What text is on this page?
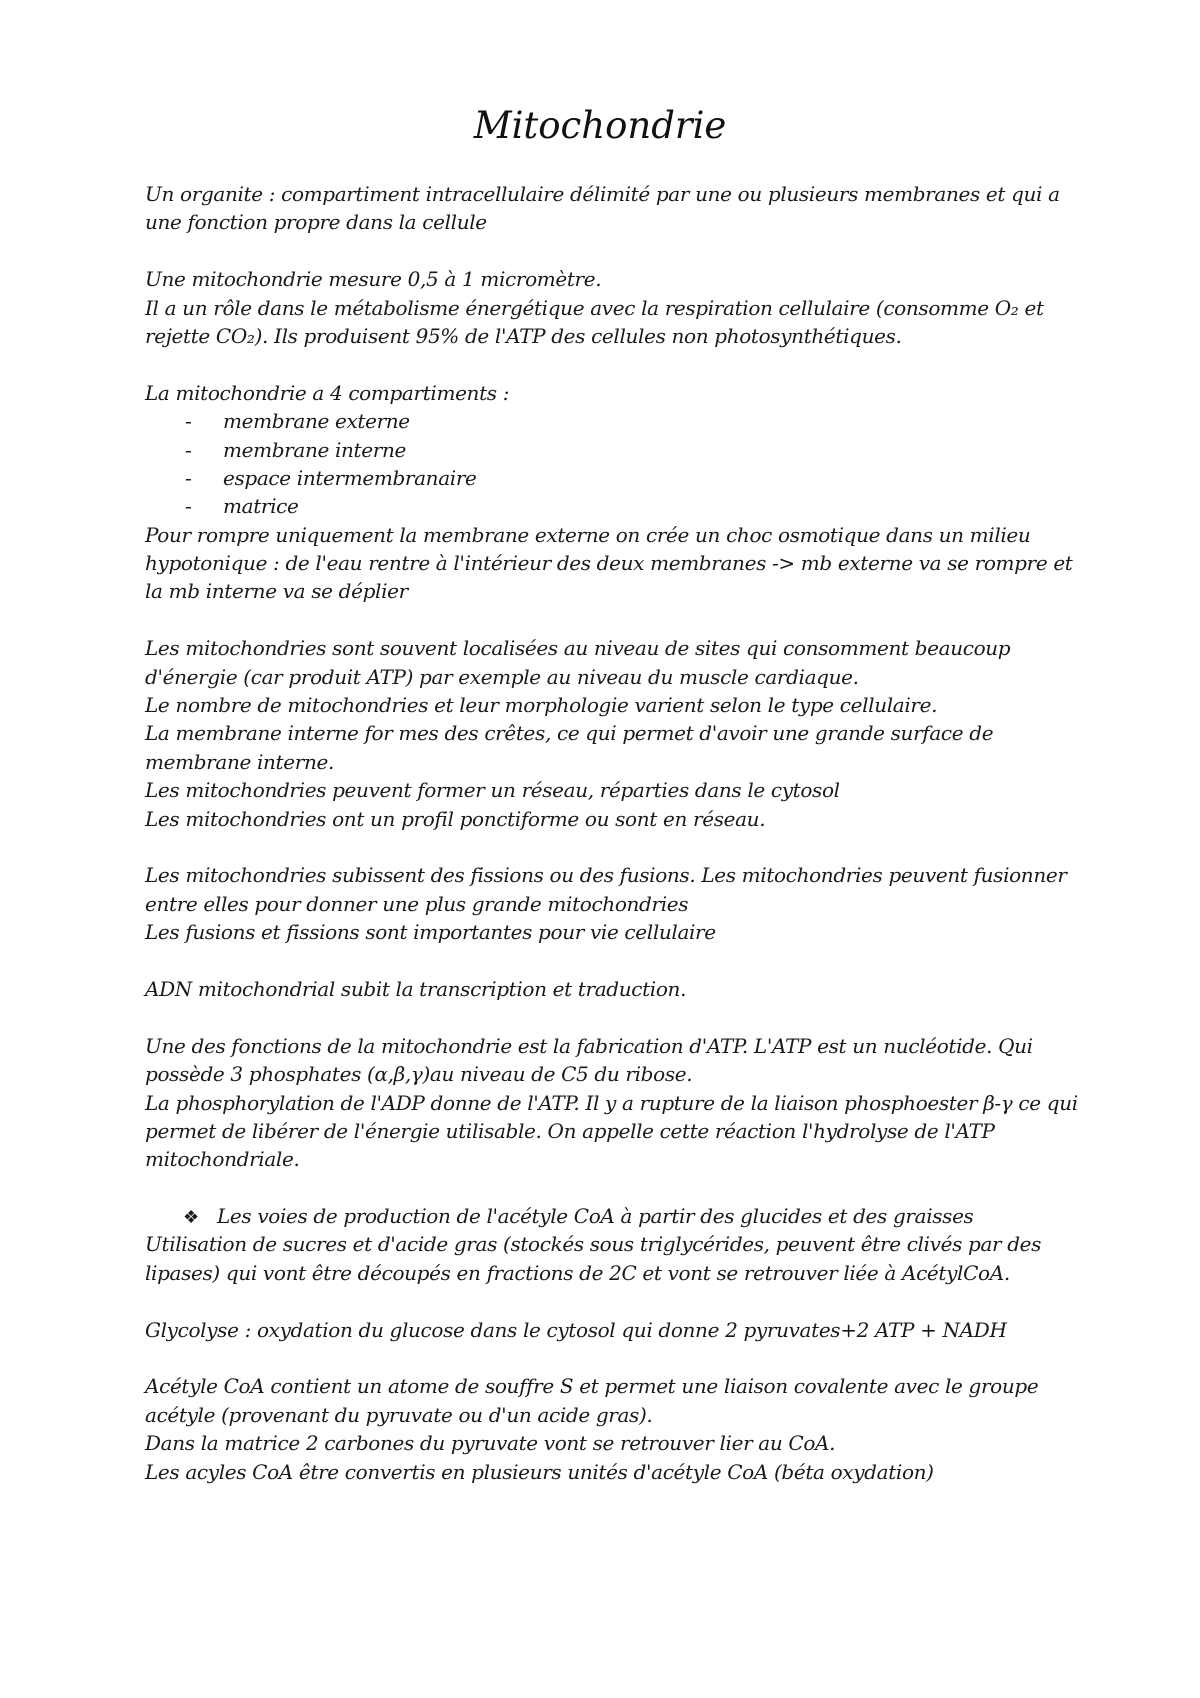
Mitochondrie
Un organite : compartiment intracellulaire délimité par une ou plusieurs membranes et qui a
une fonction propre dans la cellule
Une mitochondrie mesure 0,5 à 1 micromètre.
Il a un rôle dans le métabolisme énergétique avec la respiration cellulaire (consomme O₂ et
rejette CO₂). Ils produisent 95% de l'ATP des cellules non photosynthétiques.
La mitochondrie a 4 compartiments :
- membrane externe
- membrane interne
- espace intermembranaire
- matrice
Pour rompre uniquement la membrane externe on crée un choc osmotique dans un milieu
hypotonique : de l'eau rentre à l'intérieur des deux membranes -> mb externe va se rompre et
la mb interne va se déplier
Les mitochondries sont souvent localisées au niveau de sites qui consomment beaucoup
d'énergie (car produit ATP) par exemple au niveau du muscle cardiaque.
Le nombre de mitochondries et leur morphologie varient selon le type cellulaire.
La membrane interne for mes des crêtes, ce qui permet d'avoir une grande surface de
membrane interne.
Les mitochondries peuvent former un réseau, réparties dans le cytosol
Les mitochondries ont un profil ponctiforme ou sont en réseau.
Les mitochondries subissent des fissions ou des fusions. Les mitochondries peuvent fusionner
entre elles pour donner une plus grande mitochondries
Les fusions et fissions sont importantes pour vie cellulaire
ADN mitochondrial subit la transcription et traduction.
Une des fonctions de la mitochondrie est la fabrication d'ATP. L'ATP est un nucléotide. Qui
possède 3 phosphates (α,β,γ)au niveau de C5 du ribose.
La phosphorylation de l'ADP donne de l'ATP. Il y a rupture de la liaison phosphoester β-γ ce qui
permet de libérer de l'énergie utilisable. On appelle cette réaction l'hydrolyse de l'ATP
mitochondriale.
❖ Les voies de production de l'acétyle CoA à partir des glucides et des graisses
Utilisation de sucres et d'acide gras (stockés sous triglycérides, peuvent être clivés par des
lipases) qui vont être découpés en fractions de 2C et vont se retrouver liée à AcétylCoA.
Glycolyse : oxydation du glucose dans le cytosol qui donne 2 pyruvates+2 ATP + NADH
Acétyle CoA contient un atome de souffre S et permet une liaison covalente avec le groupe
acétyle (provenant du pyruvate ou d'un acide gras).
Dans la matrice 2 carbones du pyruvate vont se retrouver lier au CoA.
Les acyles CoA être convertis en plusieurs unités d'acétyle CoA (béta oxydation)
